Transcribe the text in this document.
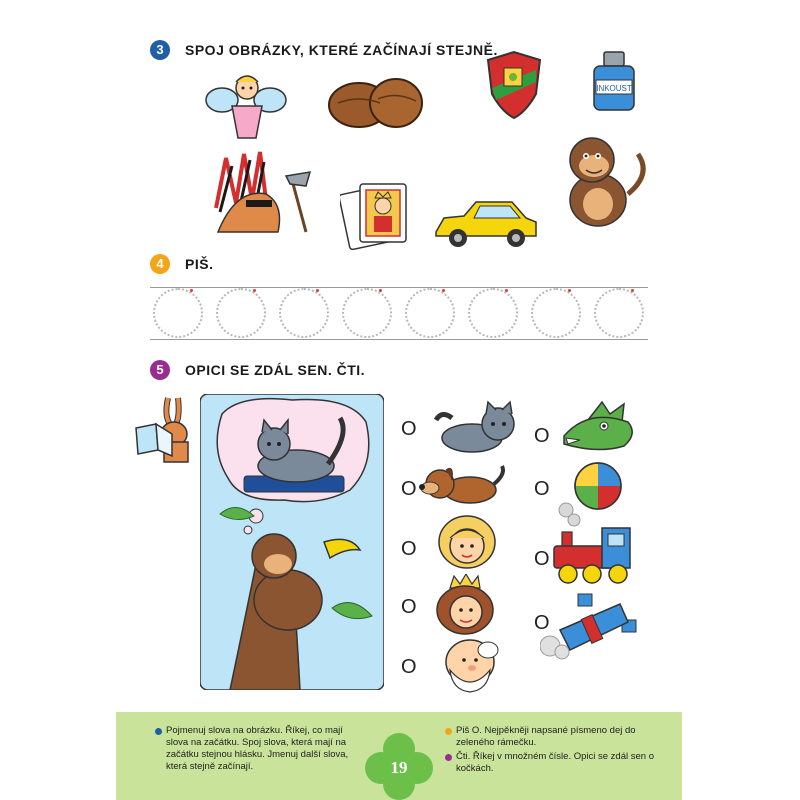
3	SPOJ OBRÁZKY, KTERÉ ZAČÍNAJÍ STEJNĚ.
INKOUST
4	PIŠ.
5	OPICI SE ZDÁL SEN. ČTI.
O
O
O
O
O
O
O
O
O
Pojmenuj slova na obrázku. Říkej, co mají slova na začátku. Spoj slova, která mají na začátku stejnou hlásku. Jmenuj další slova, která stejně začínají.
Piš O. Nejpěkněji napsané písmeno dej do zeleného rámečku.
Čti. Říkej v množném čísle. Opici se zdál sen o kočkách.
19
